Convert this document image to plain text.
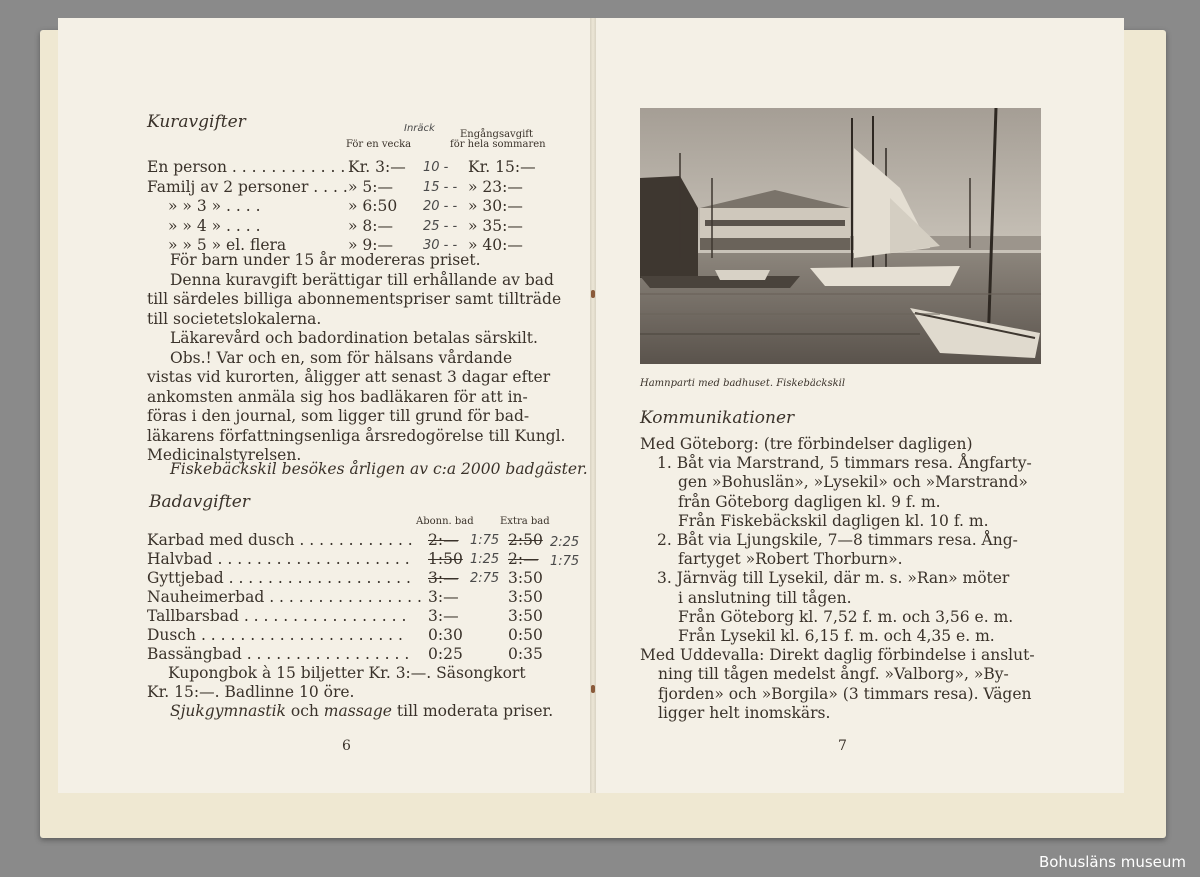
Kuravgifter
För en vecka
Engångsavgift
för hela sommaren
Inräck
En person . . . . . . . . . . . . Kr. 3:— 10 - Kr. 15:—
Familj av 2 personer . . . . » 5:— 15 - - » 23:—
» » 3 » . . . .	» 6:50 20 - - » 30:—
» » 4 » . . . .	» 8:— 25 - - » 35:—
» » 5 » el. flera	» 9:— 30 - - » 40:—
För barn under 15 år modereras priset.
Denna kuravgift berättigar till erhållande av bad
till särdeles billiga abonnementspriser samt tillträde
till societetslokalerna.
Läkarevård och badordination betalas särskilt.
Obs.! Var och en, som för hälsans vårdande
vistas vid kurorten, åligger att senast 3 dagar efter
ankomsten anmäla sig hos badläkaren för att in-
föras i den journal, som ligger till grund för bad-
läkarens författningsenliga årsredogörelse till Kungl.
Medicinalstyrelsen.
Fiskebäckskil besökes årligen av c:a 2000 badgäster.
Badavgifter
Abonn. bad	Extra bad
Karbad med dusch . . . . . . . . . . . . 2:— 1:75 2:50 2:25
Halvbad . . . . . . . . . . . . . . . . . . . . 1:50 1:25 2:— 1:75
Gyttjebad . . . . . . . . . . . . . . . . . . . 3:— 2:75 3:50
Nauheimerbad . . . . . . . . . . . . . . . . 3:—	3:50
Tallbarsbad . . . . . . . . . . . . . . . . . 3:—	3:50
Dusch . . . . . . . . . . . . . . . . . . . . . 0:30	0:50
Bassängbad . . . . . . . . . . . . . . . . . 0:25	0:35
Kupongbok à 15 biljetter Kr. 3:—. Säsongkort
Kr. 15:—. Badlinne 10 öre.
Sjukgymnastik och massage till moderata priser.
6
Hamnparti med badhuset. Fiskebäckskil
Kommunikationer
Med Göteborg: (tre förbindelser dagligen)
1. Båt via Marstrand, 5 timmars resa. Ångfarty-
gen »Bohuslän», »Lysekil» och »Marstrand»
från Göteborg dagligen kl. 9 f. m.
Från Fiskebäckskil dagligen kl. 10 f. m.
2. Båt via Ljungskile, 7—8 timmars resa. Ång-
fartyget »Robert Thorburn».
3. Järnväg till Lysekil, där m. s. »Ran» möter
i anslutning till tågen.
Från Göteborg kl. 7,52 f. m. och 3,56 e. m.
Från Lysekil kl. 6,15 f. m. och 4,35 e. m.
Med Uddevalla: Direkt daglig förbindelse i anslut-
ning till tågen medelst ångf. »Valborg», »By-
fjorden» och »Borgila» (3 timmars resa). Vägen
ligger helt inomskärs.
7
Bohusläns museum
